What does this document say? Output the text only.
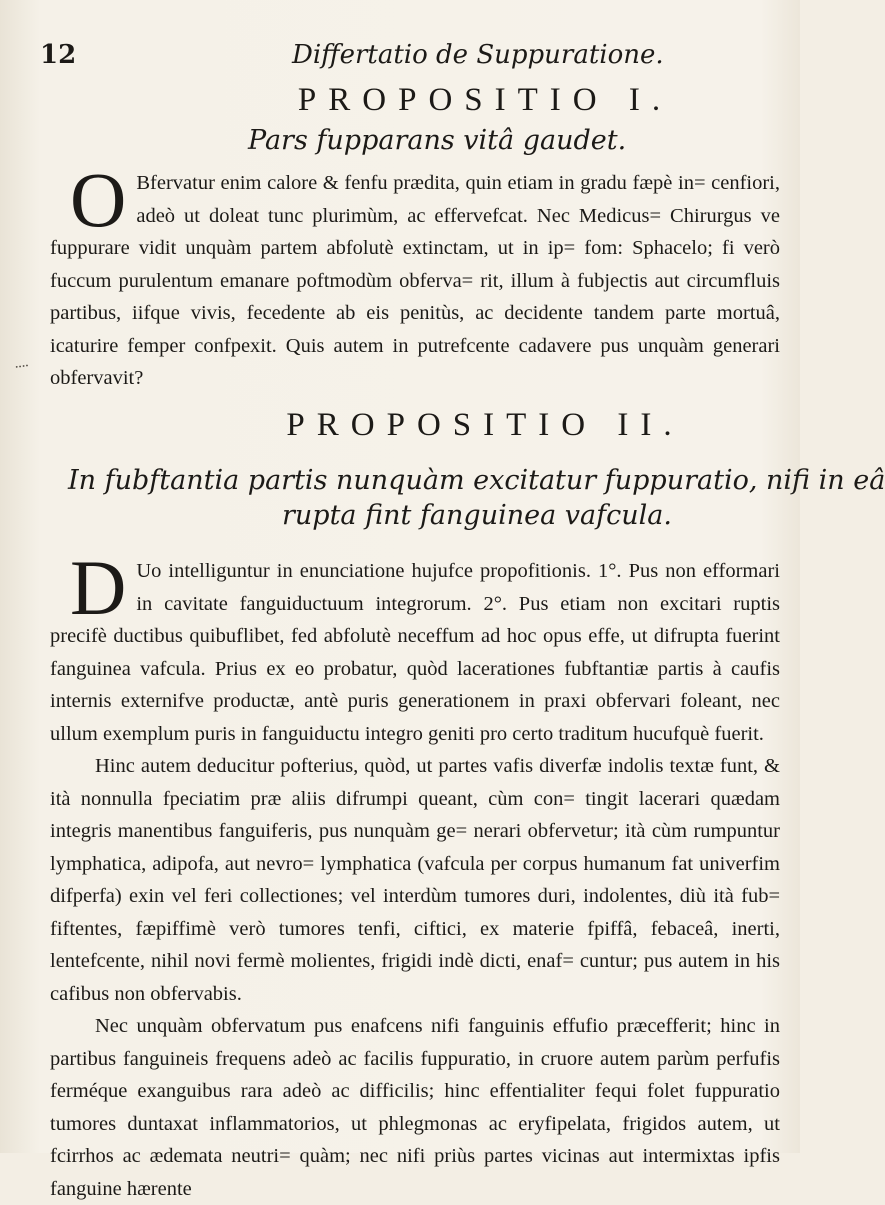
....
12	Differtatio de Suppuratione.
PROPOSITIO I.
Pars fupparans vitâ gaudet.

O Bfervatur enim calore & fenfu prædita, quin etiam in gradu fæpè in= cenfiori, adeò ut doleat tunc plurimùm, ac effervefcat. Nec Medicus= Chirurgus ve fuppurare vidit unquàm partem abfolutè extinctam, ut in ip= fom: Sphacelo; fi verò fuccum purulentum emanare poftmodùm obferva= rit, illum à fubjectis aut circumfluis partibus, iifque vivis, fecedente ab eis penitùs, ac decidente tandem parte mortuâ, icaturire femper confpexit. Quis autem in putrefcente cadavere pus unquàm generari obfervavit?

PROPOSITIO II.
In fubftantia partis nunquàm excitatur fuppuratio, nifi in eâ
rupta fint fanguinea vafcula.

D Uo intelliguntur in enunciatione hujufce propofitionis. 1°. Pus non efformari in cavitate fanguiductuum integrorum. 2°. Pus etiam non excitari ruptis precifè ductibus quibuflibet, fed abfolutè neceffum ad hoc opus effe, ut difrupta fuerint fanguinea vafcula. Prius ex eo probatur, quòd lacerationes fubftantiæ partis à caufis internis externifve productæ, antè puris generationem in praxi obfervari foleant, nec ullum exemplum puris in fanguiductu integro geniti pro certo traditum hucufquè fuerit.

Hinc autem deducitur pofterius, quòd, ut partes vafis diverfæ indolis textæ funt, & ità nonnulla fpeciatim præ aliis difrumpi queant, cùm con= tingit lacerari quædam integris manentibus fanguiferis, pus nunquàm ge= nerari obfervetur; ità cùm rumpuntur lymphatica, adipofa, aut nevro= lymphatica (vafcula per corpus humanum fat univerfim difperfa) exin vel feri collectiones; vel interdùm tumores duri, indolentes, diù ità fub= fiftentes, fæpiffimè verò tumores tenfi, ciftici, ex materie fpiffâ, febaceâ, inerti, lentefcente, nihil novi fermè molientes, frigidi indè dicti, enaf= cuntur; pus autem in his cafibus non obfervabis.

Nec unquàm obfervatum pus enafcens nifi fanguinis effufio præcefferit; hinc in partibus fanguineis frequens adeò ac facilis fuppuratio, in cruore autem parùm perfufis ferméque exanguibus rara adeò ac difficilis; hinc effentialiter fequi folet fuppuratio tumores duntaxat inflammatorios, ut phlegmonas ac eryfipelata, frigidos autem, ut fcirrhos ac ædemata neutri= quàm; nec nifi priùs partes vicinas aut intermixtas ipfis fanguine hærente
